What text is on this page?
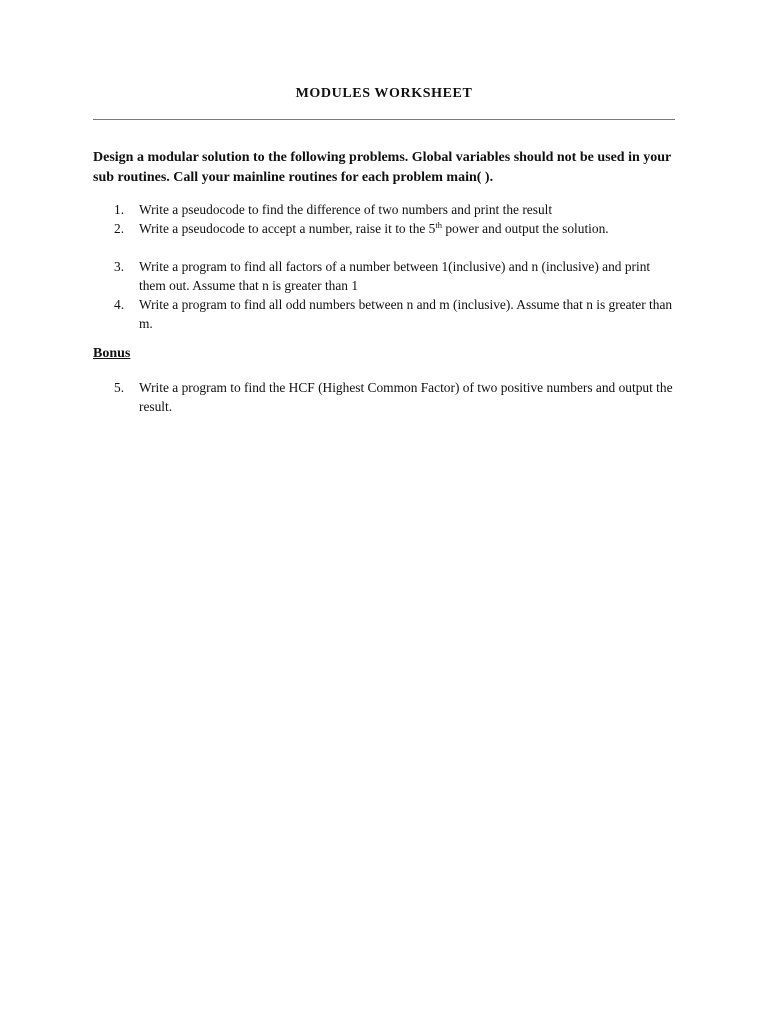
MODULES WORKSHEET
Design a modular solution to the following problems. Global variables should not be used in your sub routines. Call your mainline routines for each problem main( ).
1. Write a pseudocode to find the difference of two numbers and print the result
2. Write a pseudocode to accept a number, raise it to the 5th power and output the solution.
3. Write a program to find all factors of a number between 1(inclusive) and n (inclusive) and print them out. Assume that n is greater than 1
4. Write a program to find all odd numbers between n and m (inclusive). Assume that n is greater than m.
Bonus
5. Write a program to find the HCF (Highest Common Factor) of two positive numbers and output the result.
